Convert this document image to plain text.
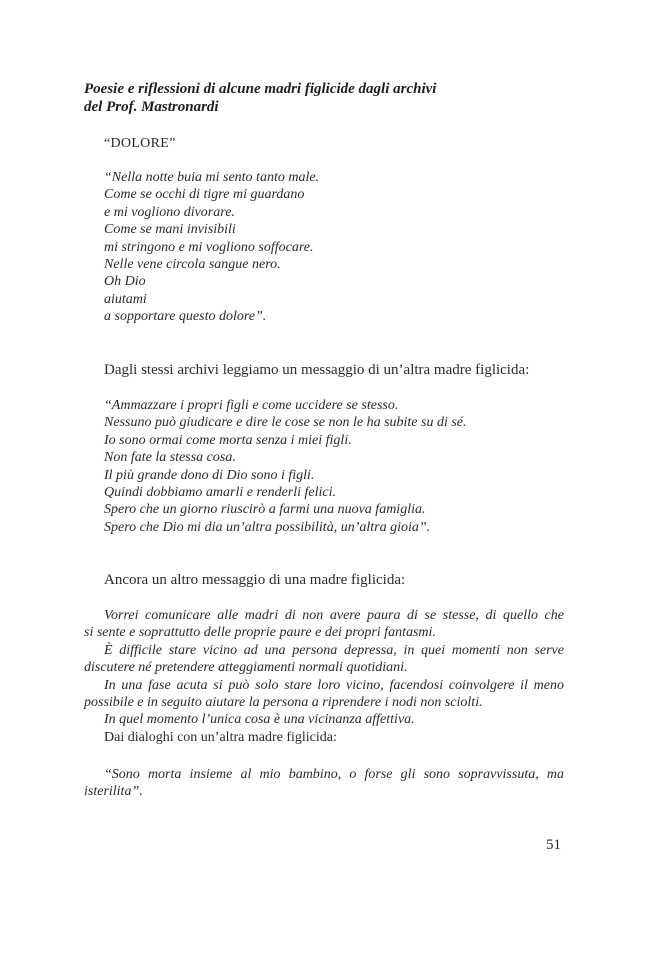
Poesie e riflessioni di alcune madri figlicide dagli archivi
del Prof. Mastronardi
“DOLORE”
“Nella notte buia mi sento tanto male.
Come se occhi di tigre mi guardano
e mi vogliono divorare.
Come se mani invisibili
mi stringono e mi vogliono soffocare.
Nelle vene circola sangue nero.
Oh Dio
aiutami
a sopportare questo dolore”.
Dagli stessi archivi leggiamo un messaggio di un’altra madre figlicida:
“Ammazzare i propri figli e come uccidere se stesso.
Nessuno può giudicare e dire le cose se non le ha subite su di sé.
Io sono ormai come morta senza i miei figli.
Non fate la stessa cosa.
Il più grande dono di Dio sono i figli.
Quindi dobbiamo amarli e renderli felici.
Spero che un giorno riuscirò a farmi una nuova famiglia.
Spero che Dio mi dia un’altra possibilità, un’altra gioia”.
Ancora un altro messaggio di una madre figlicida:
Vorrei comunicare alle madri di non avere paura di se stesse, di quello che
si sente e soprattutto delle proprie paure e dei propri fantasmi.
È difficile stare vicino ad una persona depressa, in quei momenti non serve
discutere né pretendere atteggiamenti normali quotidiani.
In una fase acuta si può solo stare loro vicino, facendosi coinvolgere il meno
possibile e in seguito aiutare la persona a riprendere i nodi non sciolti.
In quel momento l’unica cosa è una vicinanza affettiva.
Dai dialoghi con un’altra madre figlicida:
“Sono morta insieme al mio bambino, o forse gli sono sopravvissuta, ma
isterilita”.
51
